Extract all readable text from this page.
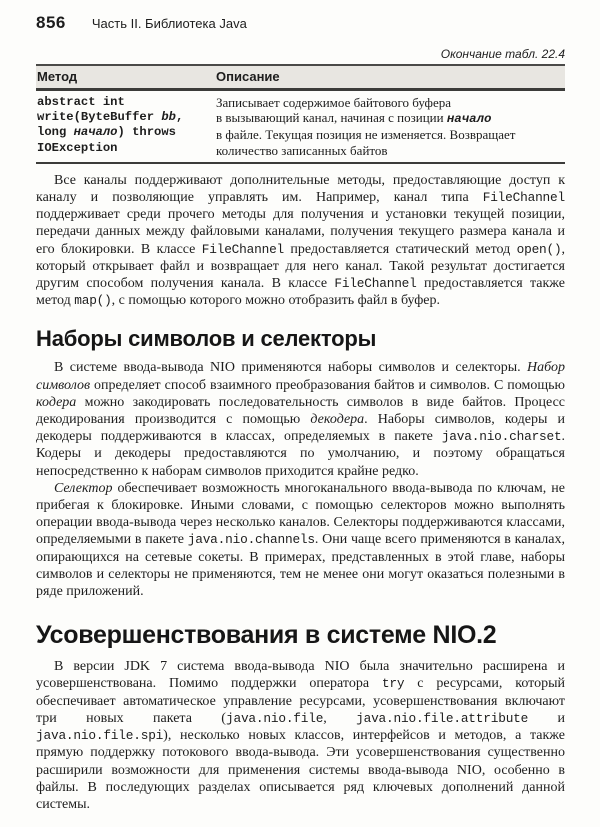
856 Часть II. Библиотека Java
Окончание табл. 22.4
Метод	Описание
abstract int
write(ByteBuffer bb,
long начало) throws
IOException	Записывает содержимое байтового буфера
в вызывающий канал, начиная с позиции начало
в файле. Текущая позиция не изменяется. Возвращает
количество записанных байтов

Все каналы поддерживают дополнительные методы, предоставляющие доступ к каналу и позволяющие управлять им. Например, канал типа FileChannel поддерживает среди прочего методы для получения и установки текущей позиции, передачи данных между файловыми каналами, получения текущего размера канала и его блокировки. В классе FileChannel предоставляется статический метод open(), который открывает файл и возвращает для него канал. Такой результат достигается другим способом получения канала. В классе FileChannel предоставляется также метод map(), с помощью которого можно отобразить файл в буфер.

Наборы символов и селекторы

В системе ввода-вывода NIO применяются наборы символов и селекторы. Набор символов определяет способ взаимного преобразования байтов и символов. С помощью кодера можно закодировать последовательность символов в виде байтов. Процесс декодирования производится с помощью декодера. Наборы символов, кодеры и декодеры поддерживаются в классах, определяемых в пакете java.nio.charset. Кодеры и декодеры предоставляются по умолчанию, и поэтому обращаться непосредственно к наборам символов приходится крайне редко.

Селектор обеспечивает возможность многоканального ввода-вывода по ключам, не прибегая к блокировке. Иными словами, с помощью селекторов можно выполнять операции ввода-вывода через несколько каналов. Селекторы поддерживаются классами, определяемыми в пакете java.nio.channels. Они чаще всего применяются в каналах, опирающихся на сетевые сокеты. В примерах, представленных в этой главе, наборы символов и селекторы не применяются, тем не менее они могут оказаться полезными в ряде приложений.

Усовершенствования в системе NIO.2

В версии JDK 7 система ввода-вывода NIO была значительно расширена и усовершенствована. Помимо поддержки оператора try с ресурсами, который обеспечивает автоматическое управление ресурсами, усовершенствования включают три новых пакета (java.nio.file, java.nio.file.attribute и java.nio.file.spi), несколько новых классов, интерфейсов и методов, а также прямую поддержку потокового ввода-вывода. Эти усовершенствования существенно расширили возможности для применения системы ввода-вывода NIO, особенно в файлы. В последующих разделах описывается ряд ключевых дополнений данной системы.
